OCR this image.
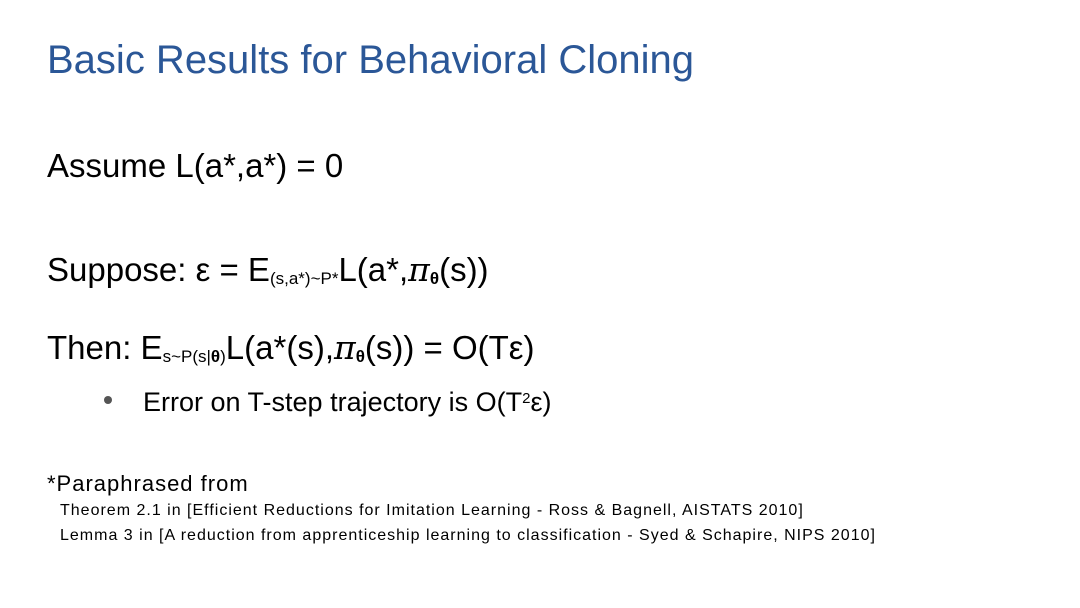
Basic Results for Behavioral Cloning
Assume L(a*,a*) = 0
Suppose: ε = E(s,a*)~P*L(a*,πθ(s))
Then: Es~P(s|θ)L(a*(s),πθ(s)) = O(Tε)
Error on T-step trajectory is $O(T^2\varepsilon)$
*Paraphrased from
Theorem 2.1 in [Efficient Reductions for Imitation Learning - Ross & Bagnell, AISTATS 2010]
Lemma 3 in [A reduction from apprenticeship learning to classification - Syed & Schapire, NIPS 2010]
